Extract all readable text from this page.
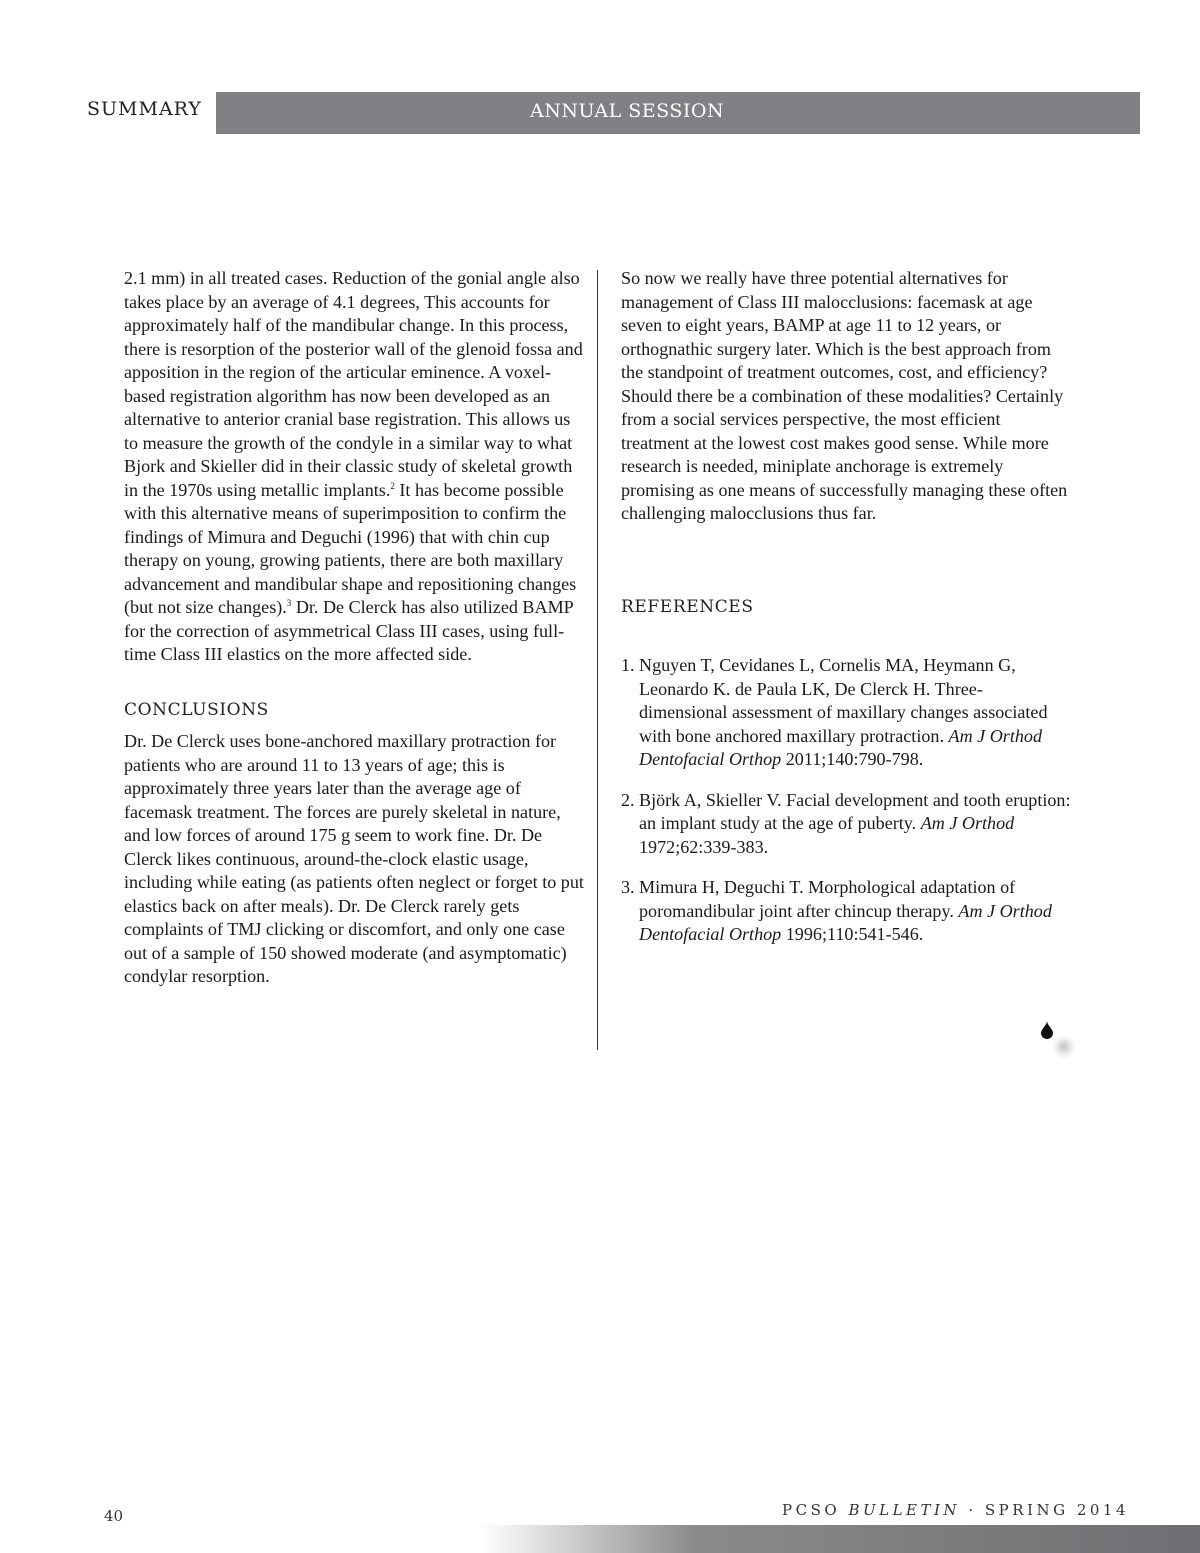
SUMMARY	ANNUAL SESSION

2.1 mm) in all treated cases. Reduction of the gonial angle also takes place by an average of 4.1 degrees, This accounts for approximately half of the mandibular change. In this process, there is resorption of the posterior wall of the glenoid fossa and apposition in the region of the articular eminence. A voxel-based registration algorithm has now been developed as an alternative to anterior cranial base registration. This allows us to measure the growth of the condyle in a similar way to what Bjork and Skieller did in their classic study of skeletal growth in the 1970s using metallic implants.$^2$ It has become possible with this alternative means of superimposition to confirm the findings of Mimura and Deguchi (1996) that with chin cup therapy on young, growing patients, there are both maxillary advancement and mandibular shape and repositioning changes (but not size changes).$^3$ Dr. De Clerck has also utilized BAMP for the correction of asymmetrical Class III cases, using full-time Class III elastics on the more affected side.

CONCLUSIONS

Dr. De Clerck uses bone-anchored maxillary protraction for patients who are around 11 to 13 years of age; this is approximately three years later than the average age of facemask treatment. The forces are purely skeletal in nature, and low forces of around 175 g seem to work fine. Dr. De Clerck likes continuous, around-the-clock elastic usage, including while eating (as patients often neglect or forget to put elastics back on after meals). Dr. De Clerck rarely gets complaints of TMJ clicking or discomfort, and only one case out of a sample of 150 showed moderate (and asymptomatic) condylar resorption.

So now we really have three potential alternatives for management of Class III malocclusions: facemask at age seven to eight years, BAMP at age 11 to 12 years, or orthognathic surgery later. Which is the best approach from the standpoint of treatment outcomes, cost, and efficiency? Should there be a combination of these modalities? Certainly from a social services perspective, the most efficient treatment at the lowest cost makes good sense. While more research is needed, miniplate anchorage is extremely promising as one means of successfully managing these often challenging malocclusions thus far.

REFERENCES

1. Nguyen T, Cevidanes L, Cornelis MA, Heymann G, Leonardo K. de Paula LK, De Clerck H. Three-dimensional assessment of maxillary changes associated with bone anchored maxillary protraction. Am J Orthod Dentofacial Orthop 2011;140:790-798.
2. Björk A, Skieller V. Facial development and tooth eruption: an implant study at the age of puberty. Am J Orthod 1972;62:339-383.
3. Mimura H, Deguchi T. Morphological adaptation of poromandibular joint after chincup therapy. Am J Orthod Dentofacial Orthop 1996;110:541-546.
40	PCSO BULLETIN · SPRING 2014
